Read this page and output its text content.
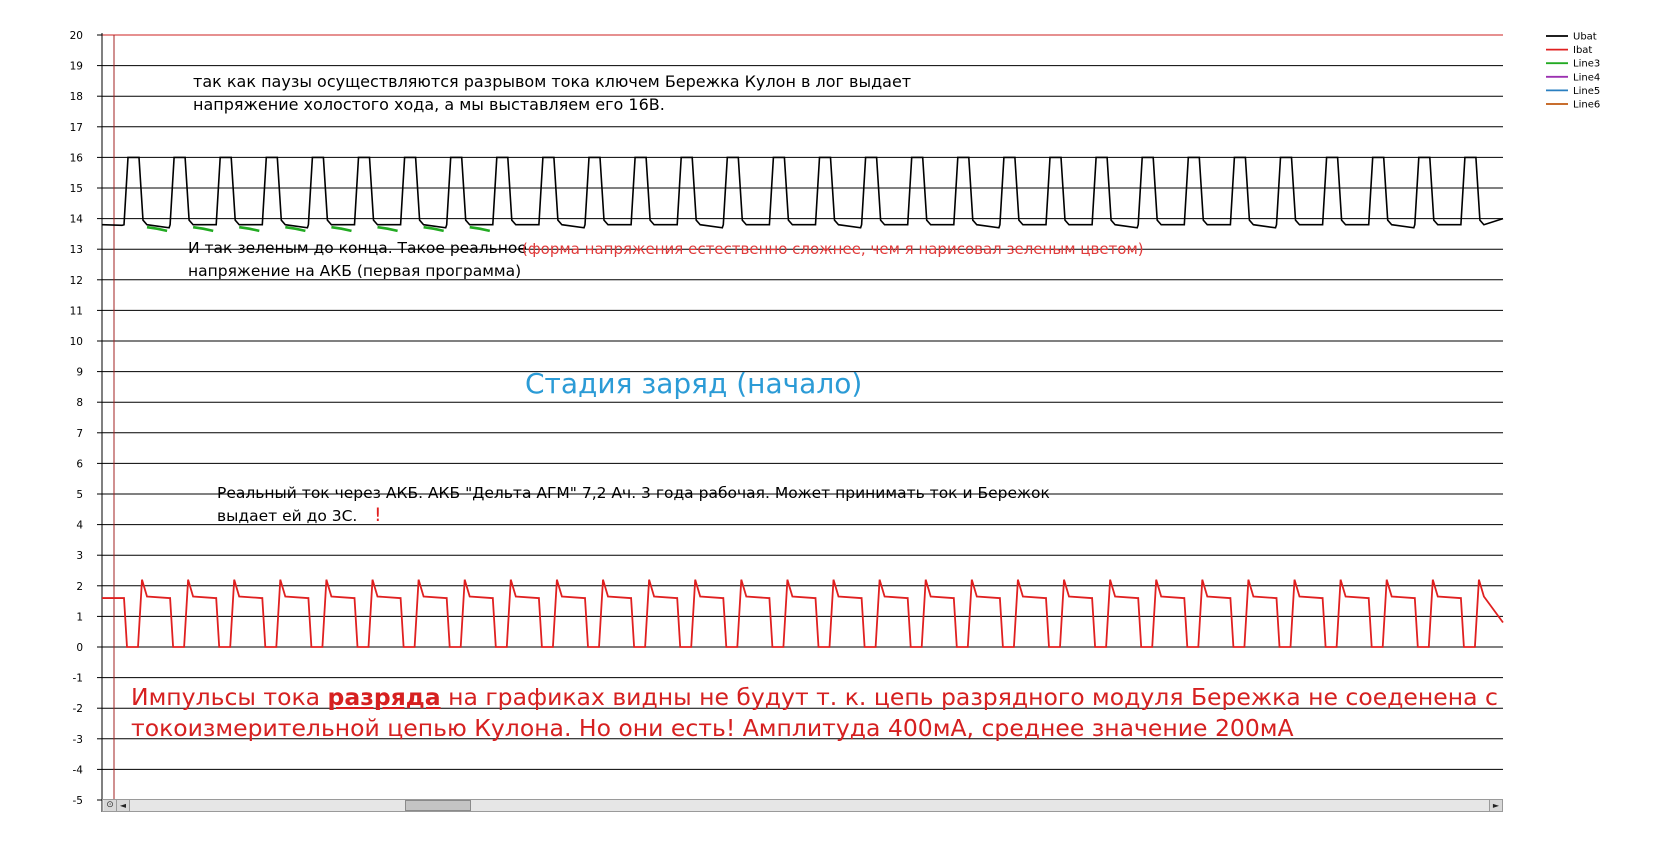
20
19
18
17
16
15
14
13
12
11
10
9
8
7
6
5
4
3
2
1
0
-1
-2
-3
-4
-5
Ubat
Ibat
Line3
Line4
Line5
Line6
так как паузы осуществляются разрывом тока ключем Бережка Кулон в лог выдает
напряжение холостого хода, а мы выставляем его 16В.
И так зеленым до конца. Такое реальное
напряжение на АКБ (первая программа)
(форма напряжения естественно сложнее, чем я нарисовал зеленым цветом)
Стадия заряд (начало)
Реальный ток через АКБ. АКБ "Дельта АГМ" 7,2 Ач. 3 года рабочая. Может принимать ток и Бережок
выдает ей до 3С. !
Импульсы тока разряда на графиках видны не будут т. к. цепь разрядного модуля Бережка не соеденена с
токоизмерительной цепью Кулона. Но они есть! Амплитуда 400мА, среднее значение 200мА
⊙ ◄	►
